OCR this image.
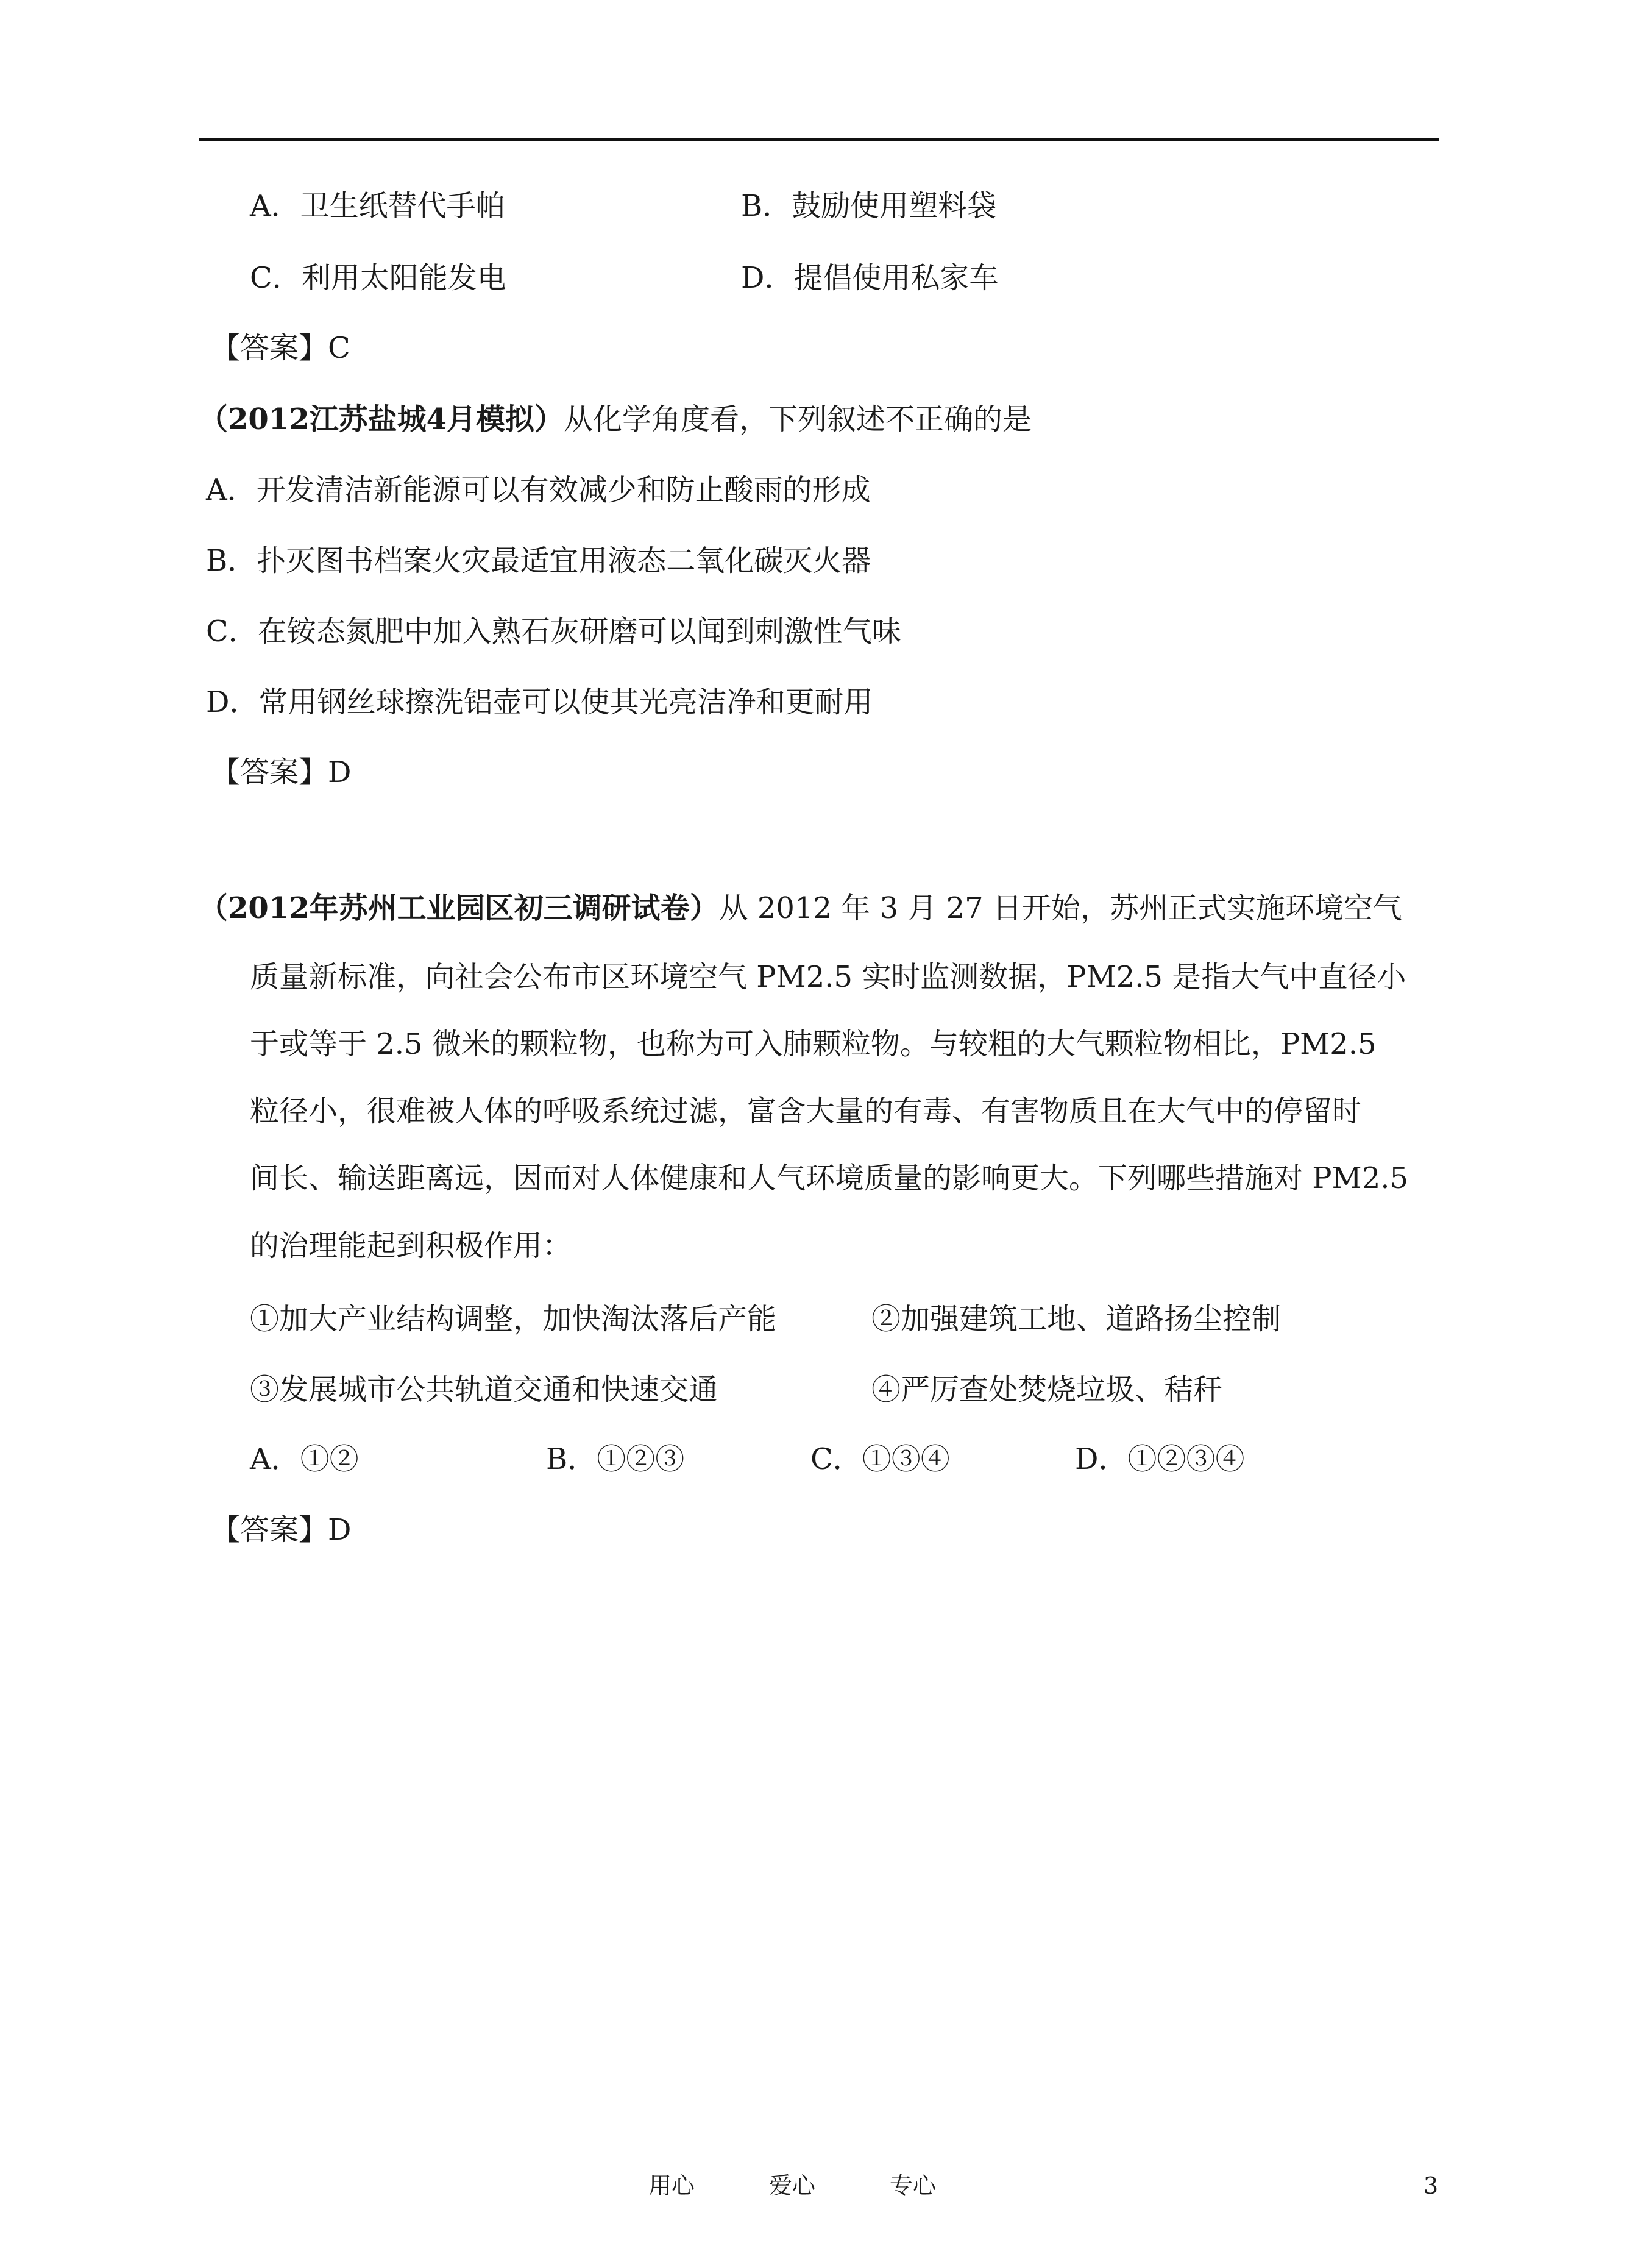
A．卫生纸替代手帕	B．鼓励使用塑料袋
C．利用太阳能发电	D．提倡使用私家车
【答案】C
（2012江苏盐城4月模拟）从化学角度看，下列叙述不正确的是
A．开发清洁新能源可以有效减少和防止酸雨的形成
B．扑灭图书档案火灾最适宜用液态二氧化碳灭火器
C．在铵态氮肥中加入熟石灰研磨可以闻到刺激性气味
D．常用钢丝球擦洗铝壶可以使其光亮洁净和更耐用
【答案】D
（2012年苏州工业园区初三调研试卷）从 2012 年 3 月 27 日开始，苏州正式实施环境空气
质量新标准，向社会公布市区环境空气 PM2.5 实时监测数据，PM2.5 是指大气中直径小
于或等于 2.5 微米的颗粒物，也称为可入肺颗粒物。与较粗的大气颗粒物相比，PM2.5
粒径小，很难被人体的呼吸系统过滤，富含大量的有毒、有害物质且在大气中的停留时
间长、输送距离远，因而对人体健康和人气环境质量的影响更大。下列哪些措施对 PM2.5
的治理能起到积极作用：
①加大产业结构调整，加快淘汰落后产能	②加强建筑工地、道路扬尘控制
③发展城市公共轨道交通和快速交通	④严厉查处焚烧垃圾、秸秆
A．①②	B．①②③	C．①③④	D．①②③④
【答案】D
用心	爱心	专心	3
